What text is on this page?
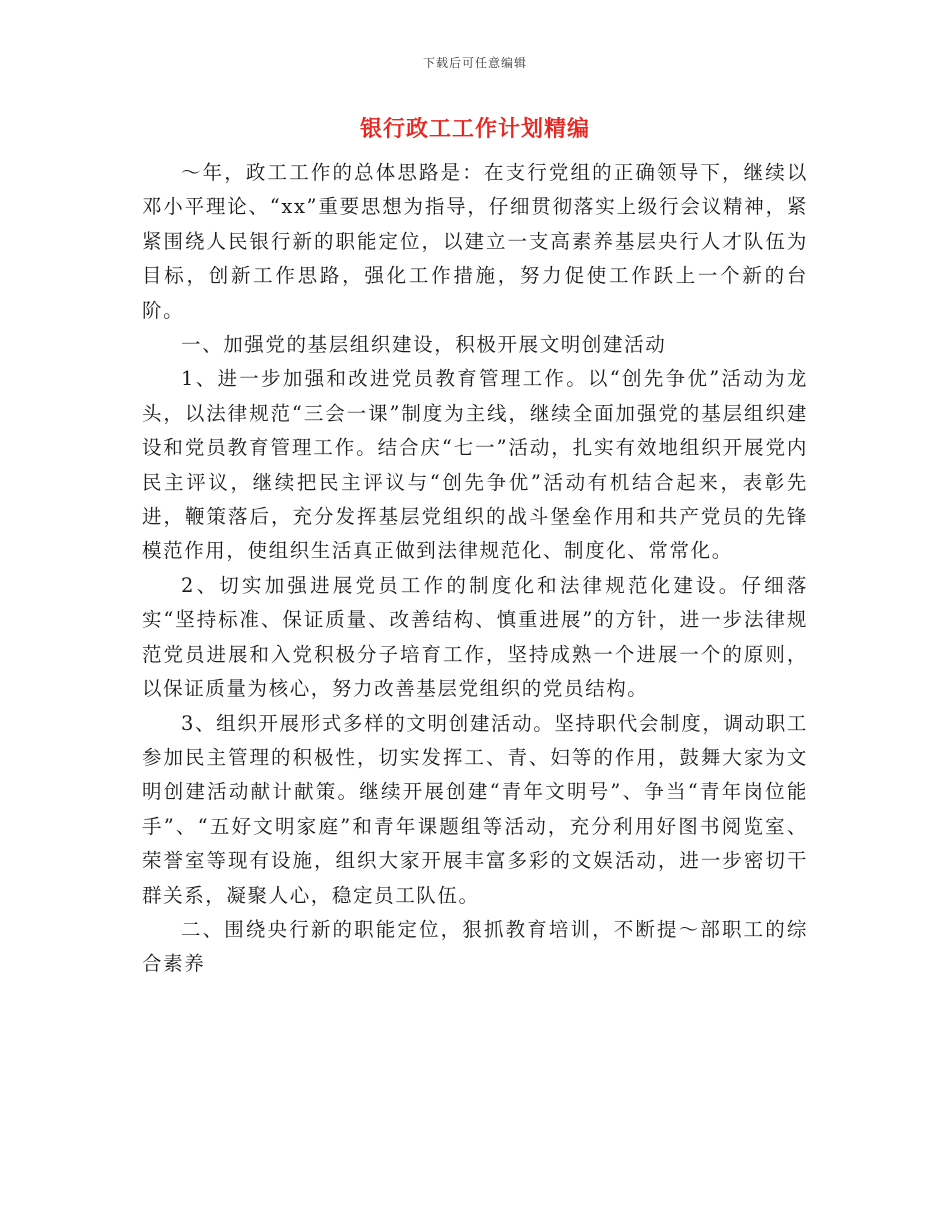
下载后可任意编辑
银行政工工作计划精编

～年，政工工作的总体思路是：在支行党组的正确领导下，继续以邓小平理论、“xx”重要思想为指导，仔细贯彻落实上级行会议精神，紧紧围绕人民银行新的职能定位，以建立一支高素养基层央行人才队伍为目标，创新工作思路，强化工作措施，努力促使工作跃上一个新的台阶。

一、加强党的基层组织建设，积极开展文明创建活动

1、进一步加强和改进党员教育管理工作。以“创先争优”活动为龙头，以法律规范“三会一课”制度为主线，继续全面加强党的基层组织建设和党员教育管理工作。结合庆“七一”活动，扎实有效地组织开展党内民主评议，继续把民主评议与“创先争优”活动有机结合起来，表彰先进，鞭策落后，充分发挥基层党组织的战斗堡垒作用和共产党员的先锋模范作用，使组织生活真正做到法律规范化、制度化、常常化。

2、切实加强进展党员工作的制度化和法律规范化建设。仔细落实“坚持标准、保证质量、改善结构、慎重进展”的方针，进一步法律规范党员进展和入党积极分子培育工作，坚持成熟一个进展一个的原则，以保证质量为核心，努力改善基层党组织的党员结构。

3、组织开展形式多样的文明创建活动。坚持职代会制度，调动职工参加民主管理的积极性，切实发挥工、青、妇等的作用，鼓舞大家为文明创建活动献计献策。继续开展创建“青年文明号”、争当“青年岗位能手”、“五好文明家庭”和青年课题组等活动，充分利用好图书阅览室、荣誉室等现有设施，组织大家开展丰富多彩的文娱活动，进一步密切干群关系，凝聚人心，稳定员工队伍。

二、围绕央行新的职能定位，狠抓教育培训，不断提～部职工的综合素养
